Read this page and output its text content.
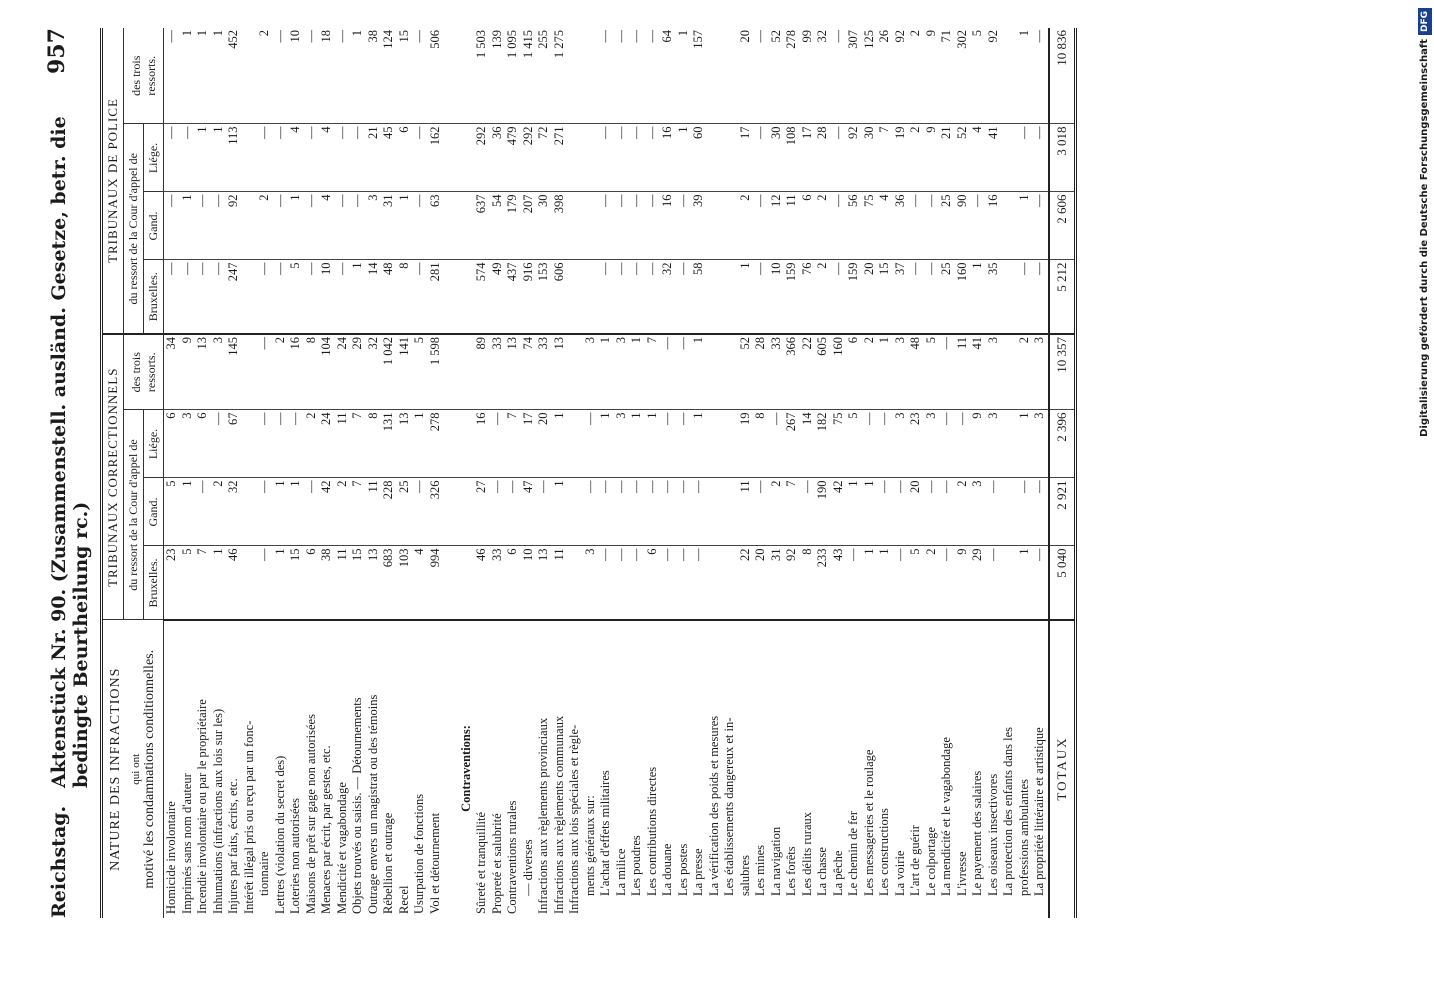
Reichstag.
Aktenstück Nr. 90. (Zusammenstell. ausländ. Gesetze, betr. die bedingte Beurtheilung rc.)
957
NATURE DES INFRACTIONS qui ont motivé les condamnations conditionnelles.	TRIBUNAUX CORRECTIONNELS				TRIBUNAUX DE POLICE			
	du ressort de la Cour d'appel de			des trois
ressorts.	du ressort de la Cour d'appel de			des trois
ressorts.
	Bruxelles.	Gand.	Liége.		Bruxelles.	Gand.	Liége.	
Homicide involontaire	23	5	6	34	—	—	—	—
Imprimés sans nom d'auteur	5	1	3	9	—	1	—	1
Incendie involontaire ou par le propriétaire	7	—	6	13	—	—	1	1
Inhumations (infractions aux lois sur les)	1	2	—	3	—	—	1	1
Injures par faits, écrits, etc.	46	32	67	145	247	92	113	452
Intérêt illégal pris ou reçu par un fonc-								
tionnaire	—	—	—	—	—	2	—	2
Lettres (violation du secret des)	1	1	—	2	—	—	—	—
Loteries non autorisées	15	1	—	16	5	1	4	10
Maisons de prêt sur gage non autorisées	6	—	2	8	—	—	—	—
Menaces par écrit, par gestes, etc.	38	42	24	104	10	4	4	18
Mendicité et vagabondage	11	2	11	24	—	—	—	—
Objets trouvés ou saisis. — Détournements	15	7	7	29	1	—	—	1
Outrage envers un magistrat ou des témoins	13	11	8	32	14	3	21	38
Rébellion et outrage	683	228	131	1 042	48	31	45	124
Recel	103	25	13	141	8	1	6	15
Usurpation de fonctions	4	—	1	5	—	—	—	—
Vol et détournement	994	326	278	1 598	281	63	162	506

Contraventions:								
Sûreté et tranquillité	46	27	16	89	574	637	292	1 503
Propreté et salubrité	33	—	—	33	49	54	36	139
Contraventions rurales	6	—	7	13	437	179	479	1 095
— diverses	10	47	17	74	916	207	292	1 415
Infractions aux règlements provinciaux	13	—	20	33	153	30	72	255
Infractions aux règlements communaux	11	1	1	13	606	398	271	1 275
Infractions aux lois spéciales et règle-								
ments généraux sur:	3	—	—	3				
L'achat d'effets militaires	—	—	1	1	—	—	—	—
La milice	—	—	3	3	—	—	—	—
Les poudres	—	—	1	1	—	—	—	—
Les contributions directes	6	—	1	7	—	—	—	—
La douane	—	—	—	—	32	16	16	64
Les postes	—	—	—	—	—	—	1	1
La presse	—	—	1	1	58	39	60	157
La vérification des poids et mesures								
Les établissements dangereux et in-								
salubres	22	11	19	52	1	2	17	20
Les mines	20	—	8	28	—	—	—	—
La navigation	31	2	—	33	10	12	30	52
Les forêts	92	7	267	366	159	11	108	278
Les délits ruraux	8	—	14	22	76	6	17	99
La chasse	233	190	182	605	2	2	28	32
La pêche	43	42	75	160	—	—	—	—
Le chemin de fer	—	1	5	6	159	56	92	307
Les messageries et le roulage	1	1	—	2	20	75	30	125
Les constructions	1	—	—	1	15	4	7	26
La voirie	—	—	3	3	37	36	19	92
L'art de guérir	5	20	23	48	—	—	2	2
Le colportage	2	—	3	5	—	—	9	9
La mendicité et le vagabondage	—	—	—	—	25	25	21	71
L'ivresse	9	2	—	11	160	90	52	302
Le payement des salaires	29	3	9	41	1	—	4	5
Les oiseaux insectivores	—	—	3	3	35	16	41	92
La protection des enfants dans les								
professions ambulantes	1	—	1	2	—	1	—	1
La propriété littéraire et artistique	—	—	3	3	—	—	—	—
TOTAUX	5 040	2 921	2 396	10 357	5 212	2 606	3 018	10 836	Digitalisierung gefördert durch die Deutsche ForschungsgemeinschaftDFG
